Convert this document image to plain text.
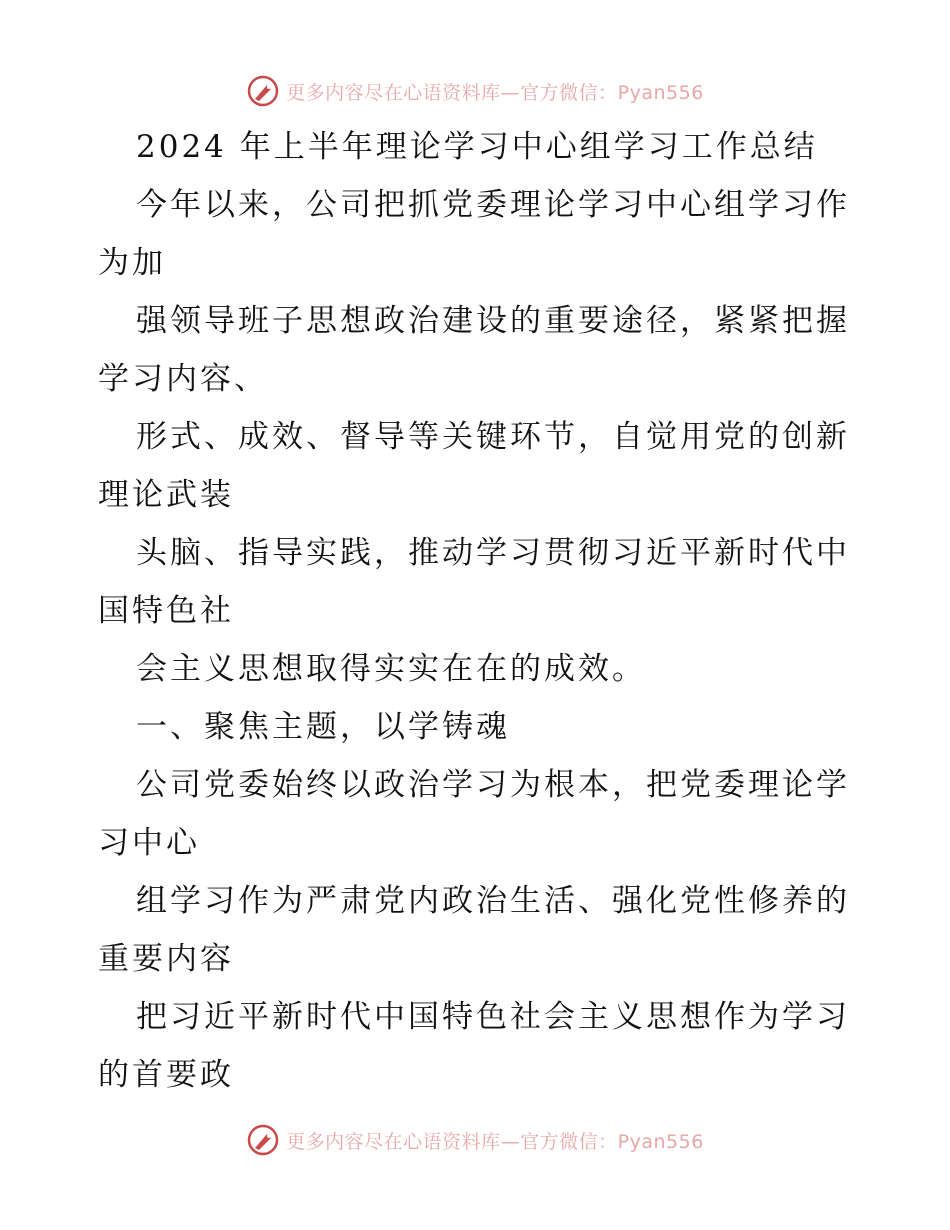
更多内容尽在心语资料库—官方微信：Pyan556
2024 年上半年理论学习中心组学习工作总结
今年以来，公司把抓党委理论学习中心组学习作
为加
强领导班子思想政治建设的重要途径，紧紧把握
学习内容、
形式、成效、督导等关键环节，自觉用党的创新
理论武装
头脑、指导实践，推动学习贯彻习近平新时代中
国特色社
会主义思想取得实实在在的成效。
一、聚焦主题，以学铸魂
公司党委始终以政治学习为根本，把党委理论学
习中心
组学习作为严肃党内政治生活、强化党性修养的
重要内容
把习近平新时代中国特色社会主义思想作为学习
的首要政
更多内容尽在心语资料库—官方微信：Pyan556
